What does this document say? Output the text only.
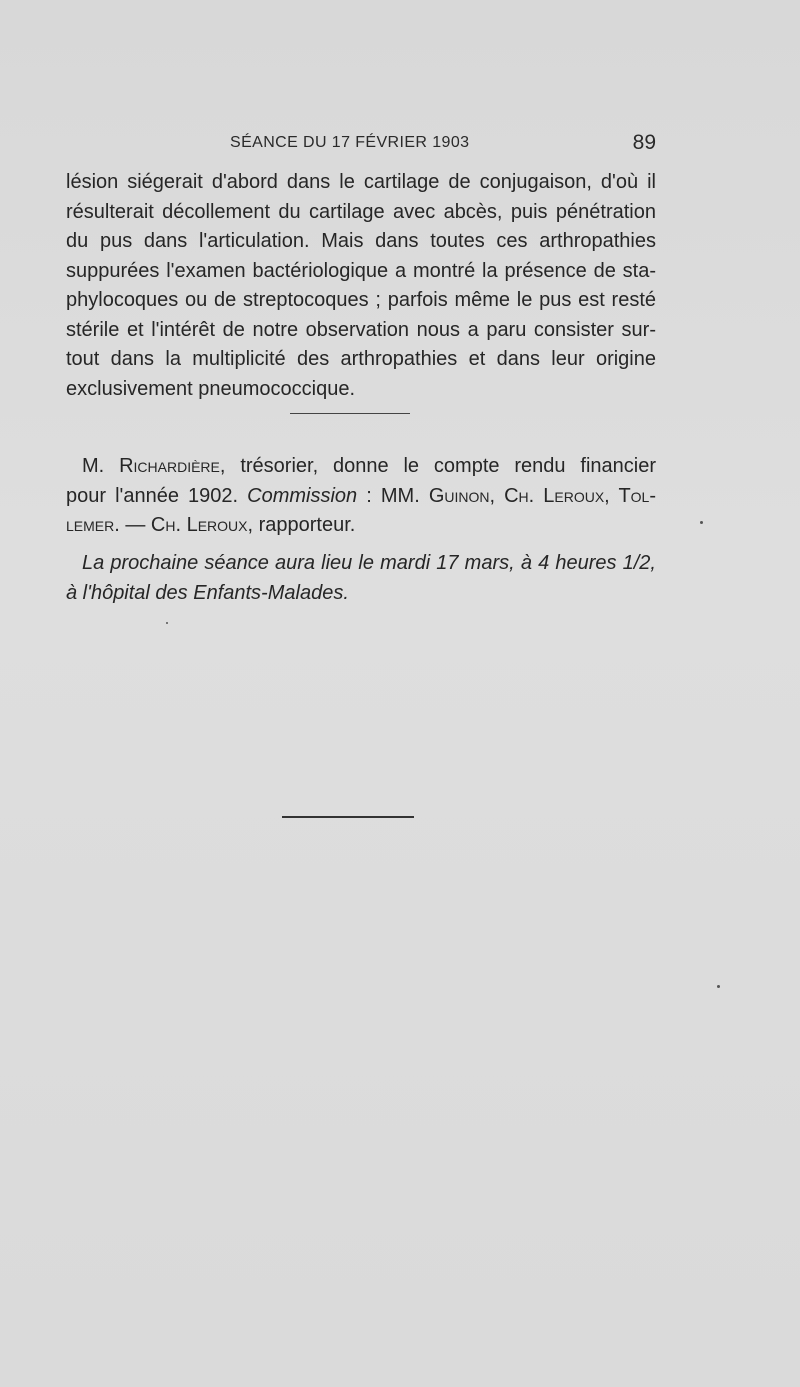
SÉANCE DU 17 FÉVRIER 1903	89

lésion siégerait d'abord dans le cartilage de conjugaison, d'où il
résulterait décollement du cartilage avec abcès, puis pénétration
du pus dans l'articulation. Mais dans toutes ces arthropathies
suppurées l'examen bactériologique a montré la présence de sta-
phylocoques ou de streptocoques ; parfois même le pus est resté
stérile et l'intérêt de notre observation nous a paru consister sur-
tout dans la multiplicité des arthropathies et dans leur origine
exclusivement pneumococcique.

M. Richardière, trésorier, donne le compte rendu financier
pour l'année 1902. Commission : MM. Guinon, Ch. Leroux, Tol-
lemer. — Ch. Leroux, rapporteur.

La prochaine séance aura lieu le mardi 17 mars, à 4 heures 1/2,
à l'hôpital des Enfants-Malades.
